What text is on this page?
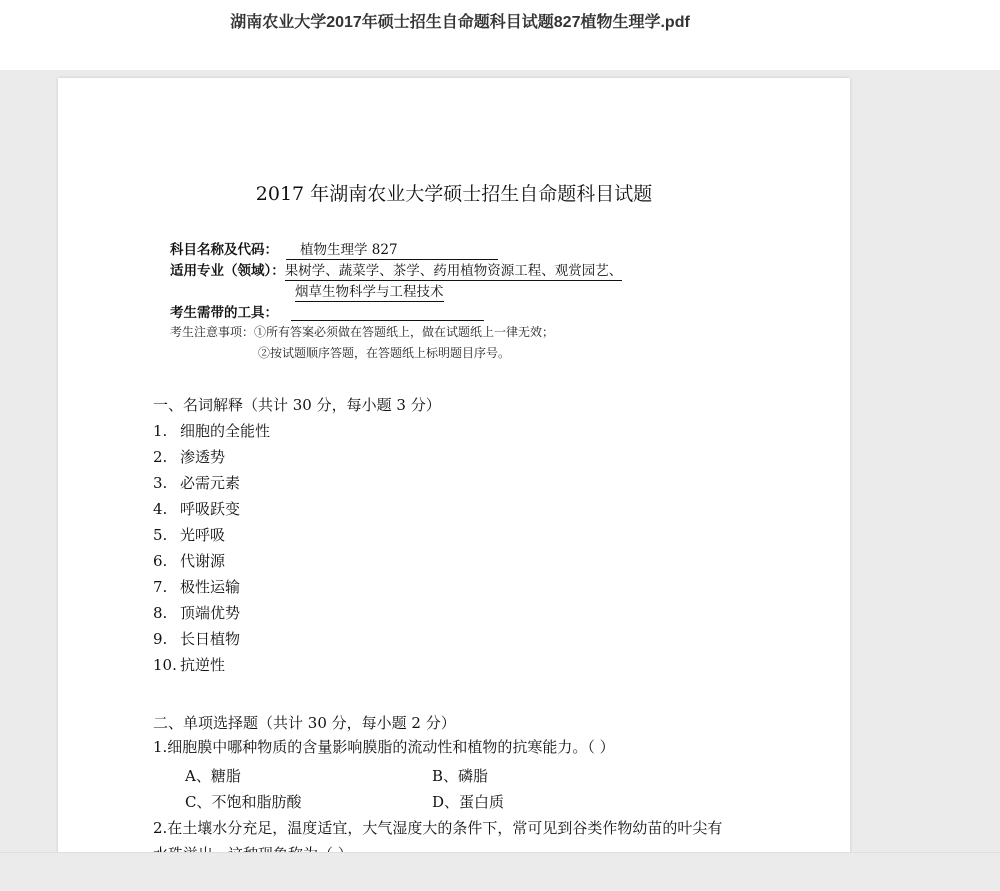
湖南农业大学2017年硕士招生自命题科目试题827植物生理学.pdf
2017 年湖南农业大学硕士招生自命题科目试题
科目名称及代码： 植物生理学 827
适用专业（领域）：果树学、蔬菜学、茶学、药用植物资源工程、观赏园艺、
烟草生物科学与工程技术
考生需带的工具：
考生注意事项：①所有答案必须做在答题纸上，做在试题纸上一律无效；
②按试题顺序答题，在答题纸上标明题目序号。
一、名词解释（共计 30 分，每小题 3 分）
1. 细胞的全能性
2. 渗透势
3. 必需元素
4. 呼吸跃变
5. 光呼吸
6. 代谢源
7. 极性运输
8. 顶端优势
9. 长日植物
10. 抗逆性
二、单项选择题（共计 30 分，每小题 2 分）
1.细胞膜中哪种物质的含量影响膜脂的流动性和植物的抗寒能力。（ ）
A、糖脂	B、磷脂
C、不饱和脂肪酸	D、蛋白质
2.在土壤水分充足，温度适宜，大气湿度大的条件下，常可见到谷类作物幼苗的叶尖有
